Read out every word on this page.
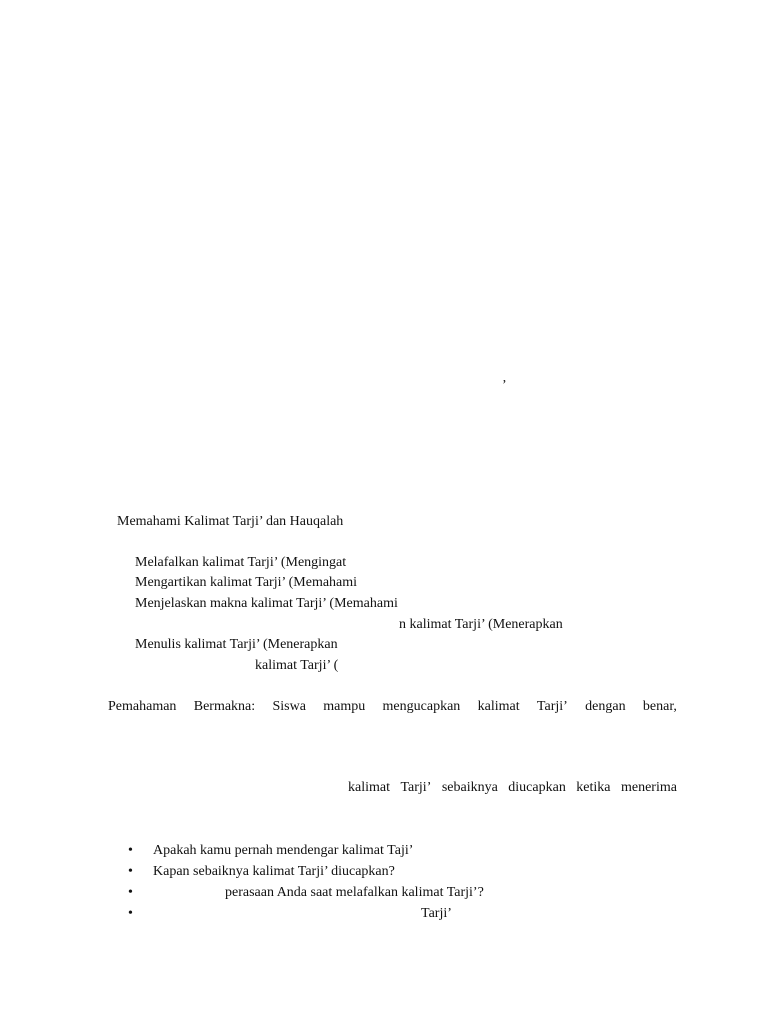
’
Memahami Kalimat Tarji’ dan Hauqalah
Melafalkan kalimat Tarji’ (Mengingat
Mengartikan kalimat Tarji’ (Memahami
Menjelaskan makna kalimat Tarji’ (Memahami
n kalimat Tarji’ (Menerapkan
Menulis kalimat Tarji’ (Menerapkan
kalimat Tarji’ (
Pemahaman Bermakna: Siswa mampu mengucapkan kalimat Tarji’ dengan benar,
kalimat Tarji’ sebaiknya diucapkan ketika menerima
•	Apakah kamu pernah mendengar kalimat Taji’
•	Kapan sebaiknya kalimat Tarji’ diucapkan?
•	perasaan Anda saat melafalkan kalimat Tarji’?
•	Tarji’
